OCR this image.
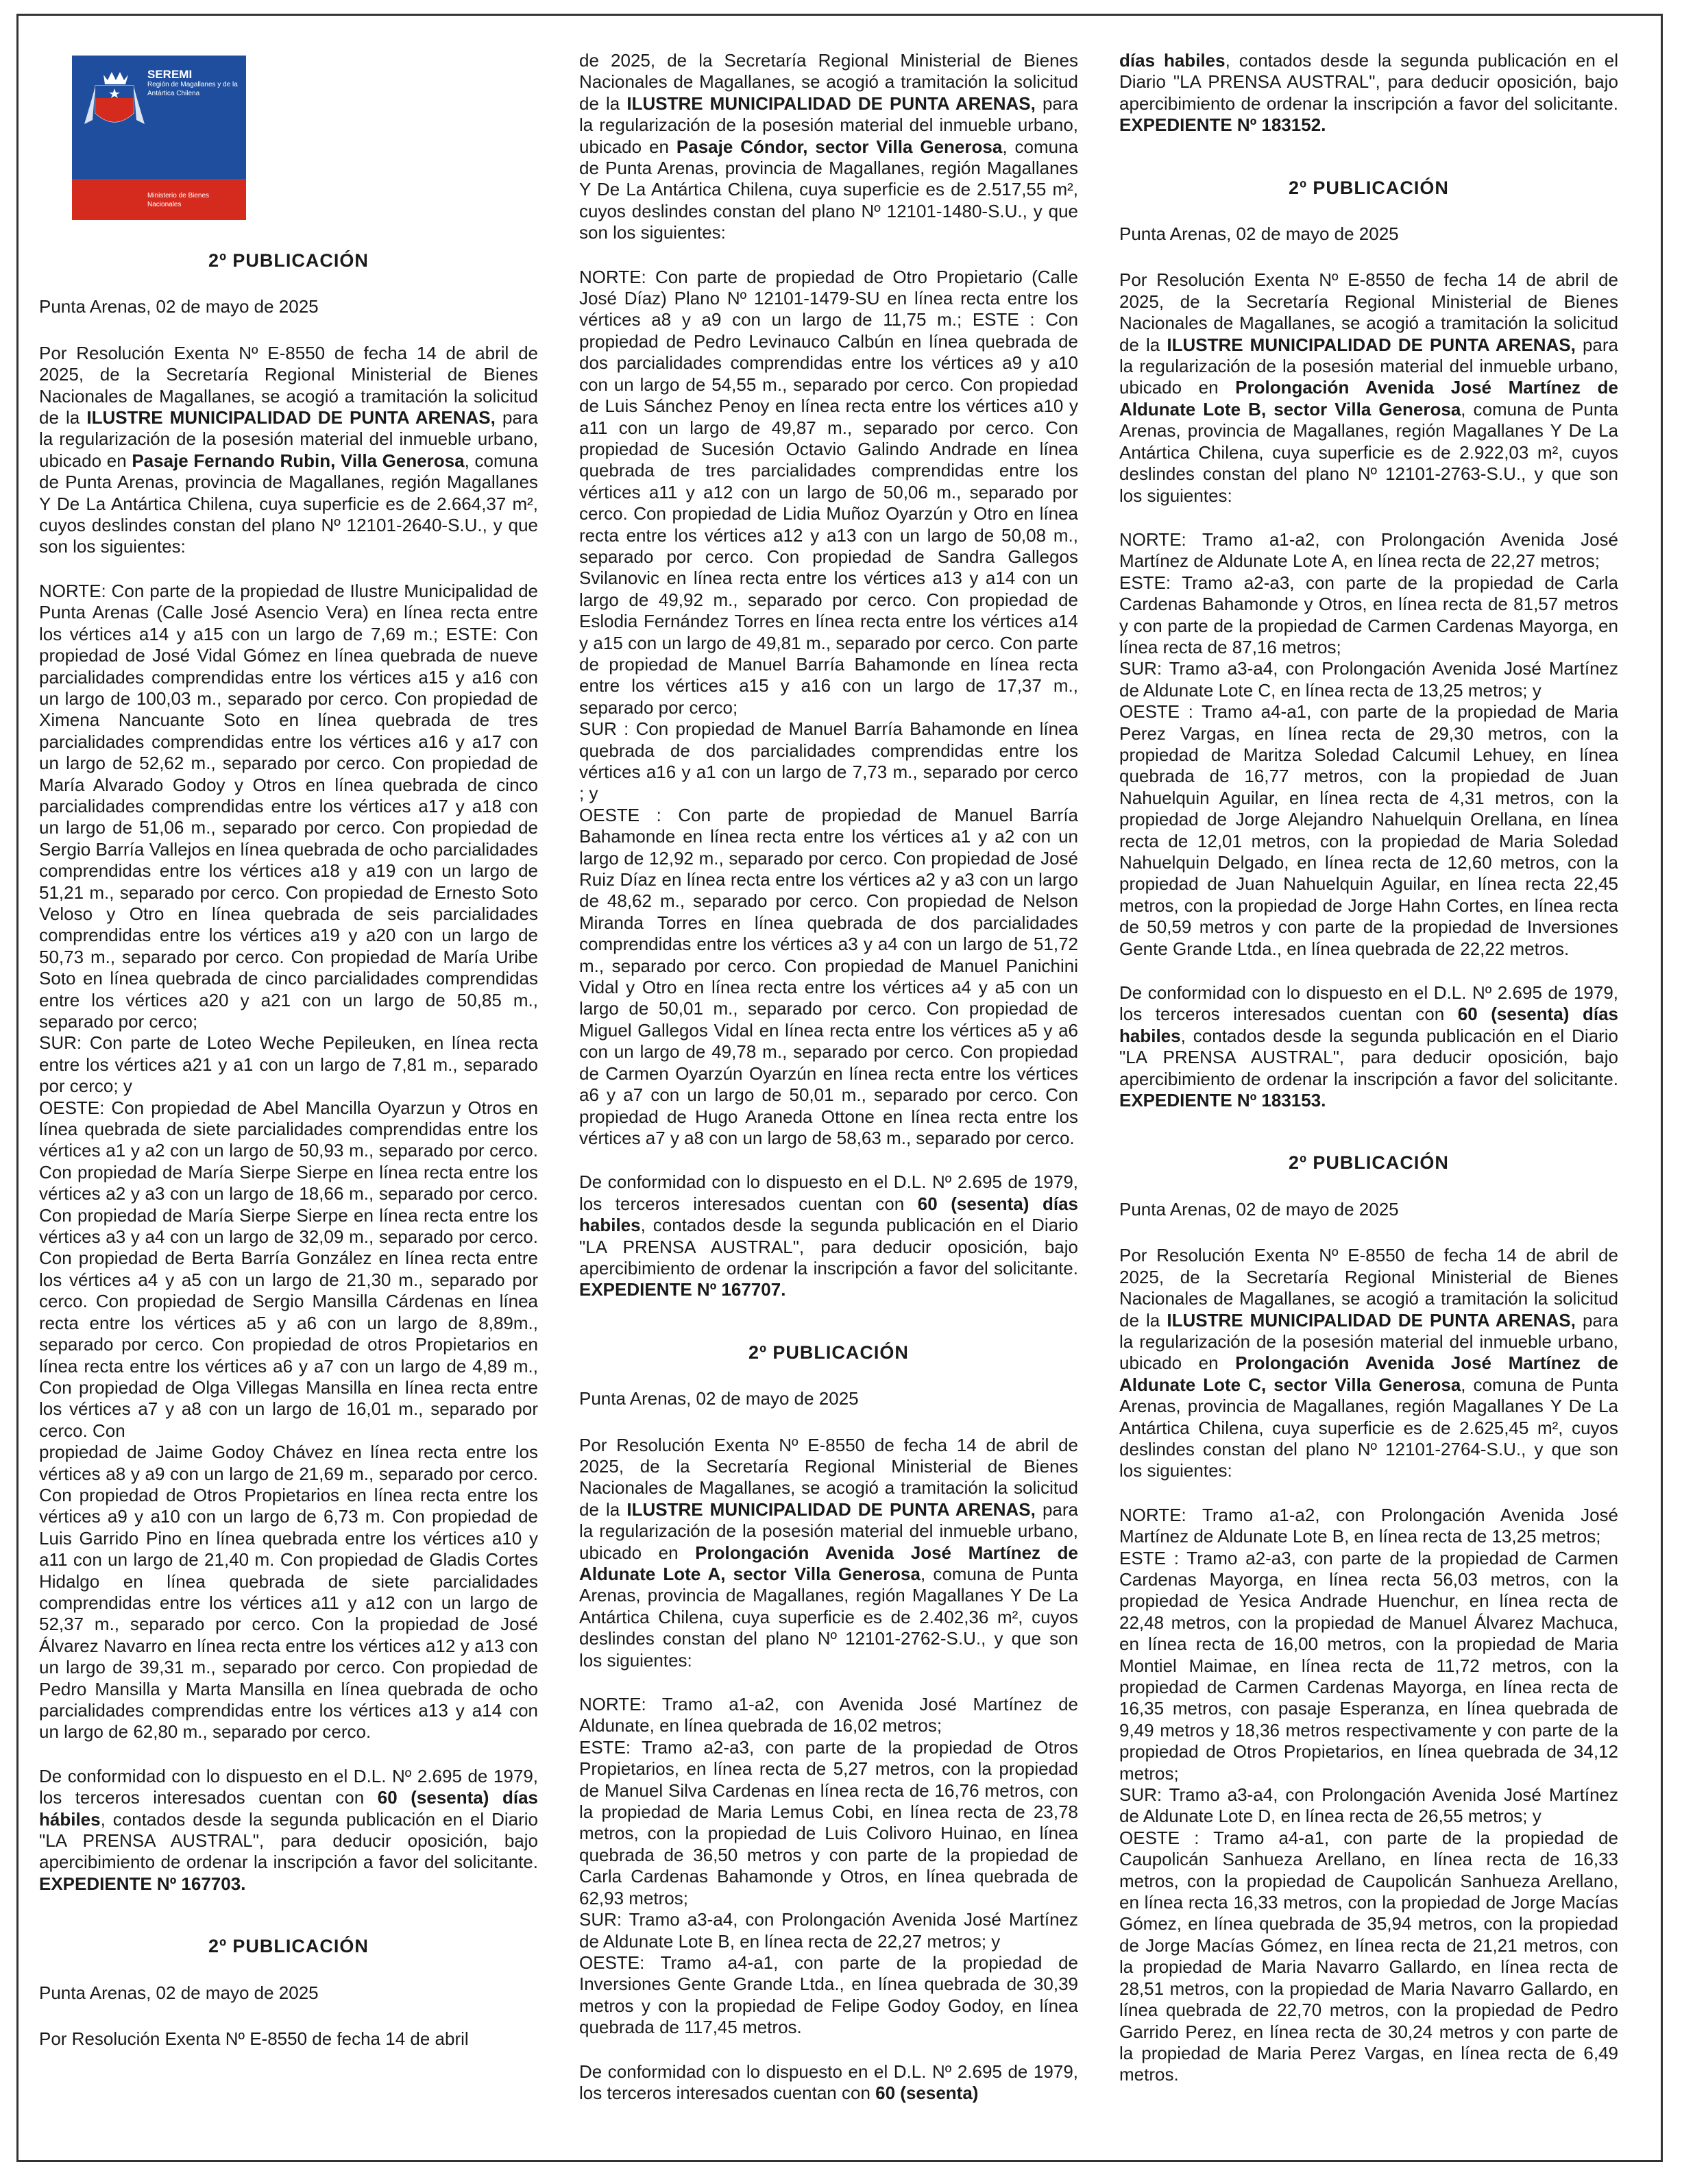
SEREMI
Región de Magallanes y de la Antártica Chilena
Ministerio de Bienes Nacionales
2º PUBLICACIÓN

Punta Arenas, 02 de mayo de 2025

Por Resolución Exenta Nº E-8550 de fecha 14 de abril de 2025, de la Secretaría Regional Ministerial de Bienes Nacionales de Magallanes, se acogió a tramitación la solicitud de la ILUSTRE MUNICIPALIDAD DE PUNTA ARENAS, para la regularización de la posesión material del inmueble urbano, ubicado en Pasaje Fernando Rubin, Villa Generosa, comuna de Punta Arenas, provincia de Magallanes, región Magallanes Y De La Antártica Chilena, cuya superficie es de 2.664,37 m², cuyos deslindes constan del plano Nº 12101-2640-S.U., y que son los siguientes:

NORTE: Con parte de la propiedad de Ilustre Municipalidad de Punta Arenas (Calle José Asencio Vera) en línea recta entre los vértices a14 y a15 con un largo de 7,69 m.; ESTE: Con propiedad de José Vidal Gómez en línea quebrada de nueve parcialidades comprendidas entre los vértices a15 y a16 con un largo de 100,03 m., separado por cerco. Con propiedad de Ximena Nancuante Soto en línea quebrada de tres parcialidades comprendidas entre los vértices a16 y a17 con un largo de 52,62 m., separado por cerco. Con propiedad de María Alvarado Godoy y Otros en línea quebrada de cinco parcialidades comprendidas entre los vértices a17 y a18 con un largo de 51,06 m., separado por cerco. Con propiedad de Sergio Barría Vallejos en línea quebrada de ocho parcialidades comprendidas entre los vértices a18 y a19 con un largo de 51,21 m., separado por cerco. Con propiedad de Ernesto Soto Veloso y Otro en línea quebrada de seis parcialidades comprendidas entre los vértices a19 y a20 con un largo de 50,73 m., separado por cerco. Con propiedad de María Uribe Soto en línea quebrada de cinco parcialidades comprendidas entre los vértices a20 y a21 con un largo de 50,85 m., separado por cerco;

SUR: Con parte de Loteo Weche Pepileuken, en línea recta entre los vértices a21 y a1 con un largo de 7,81 m., separado por cerco; y

OESTE: Con propiedad de Abel Mancilla Oyarzun y Otros en línea quebrada de siete parcialidades comprendidas entre los vértices a1 y a2 con un largo de 50,93 m., separado por cerco. Con propiedad de María Sierpe Sierpe en línea recta entre los vértices a2 y a3 con un largo de 18,66 m., separado por cerco. Con propiedad de María Sierpe Sierpe en línea recta entre los vértices a3 y a4 con un largo de 32,09 m., separado por cerco. Con propiedad de Berta Barría González en línea recta entre los vértices a4 y a5 con un largo de 21,30 m., separado por cerco. Con propiedad de Sergio Mansilla Cárdenas en línea recta entre los vértices a5 y a6 con un largo de 8,89m., separado por cerco. Con propiedad de otros Propietarios en línea recta entre los vértices a6 y a7 con un largo de 4,89 m., Con propiedad de Olga Villegas Mansilla en línea recta entre los vértices a7 y a8 con un largo de 16,01 m., separado por cerco. Con

propiedad de Jaime Godoy Chávez en línea recta entre los vértices a8 y a9 con un largo de 21,69 m., separado por cerco. Con propiedad de Otros Propietarios en línea recta entre los vértices a9 y a10 con un largo de 6,73 m. Con propiedad de Luis Garrido Pino en línea quebrada entre los vértices a10 y a11 con un largo de 21,40 m. Con propiedad de Gladis Cortes Hidalgo en línea quebrada de siete parcialidades comprendidas entre los vértices a11 y a12 con un largo de 52,37 m., separado por cerco. Con la propiedad de José Álvarez Navarro en línea recta entre los vértices a12 y a13 con un largo de 39,31 m., separado por cerco. Con propiedad de Pedro Mansilla y Marta Mansilla en línea quebrada de ocho parcialidades comprendidas entre los vértices a13 y a14 con un largo de 62,80 m., separado por cerco.

De conformidad con lo dispuesto en el D.L. Nº 2.695 de 1979, los terceros interesados cuentan con 60 (sesenta) días hábiles, contados desde la segunda publicación en el Diario "LA PRENSA AUSTRAL", para deducir oposición, bajo apercibimiento de ordenar la inscripción a favor del solicitante. EXPEDIENTE Nº 167703.

2º PUBLICACIÓN

Punta Arenas, 02 de mayo de 2025

Por Resolución Exenta Nº E-8550 de fecha 14 de abril

de 2025, de la Secretaría Regional Ministerial de Bienes Nacionales de Magallanes, se acogió a tramitación la solicitud de la ILUSTRE MUNICIPALIDAD DE PUNTA ARENAS, para la regularización de la posesión material del inmueble urbano, ubicado en Pasaje Cóndor, sector Villa Generosa, comuna de Punta Arenas, provincia de Magallanes, región Magallanes Y De La Antártica Chilena, cuya superficie es de 2.517,55 m², cuyos deslindes constan del plano Nº 12101-1480-S.U., y que son los siguientes:

NORTE: Con parte de propiedad de Otro Propietario (Calle José Díaz) Plano Nº 12101-1479-SU en línea recta entre los vértices a8 y a9 con un largo de 11,75 m.; ESTE : Con propiedad de Pedro Levinauco Calbún en línea quebrada de dos parcialidades comprendidas entre los vértices a9 y a10 con un largo de 54,55 m., separado por cerco. Con propiedad de Luis Sánchez Penoy en línea recta entre los vértices a10 y a11 con un largo de 49,87 m., separado por cerco. Con propiedad de Sucesión Octavio Galindo Andrade en línea quebrada de tres parcialidades comprendidas entre los vértices a11 y a12 con un largo de 50,06 m., separado por cerco. Con propiedad de Lidia Muñoz Oyarzún y Otro en línea recta entre los vértices a12 y a13 con un largo de 50,08 m., separado por cerco. Con propiedad de Sandra Gallegos Svilanovic en línea recta entre los vértices a13 y a14 con un largo de 49,92 m., separado por cerco. Con propiedad de Eslodia Fernández Torres en línea recta entre los vértices a14 y a15 con un largo de 49,81 m., separado por cerco. Con parte de propiedad de Manuel Barría Bahamonde en línea recta entre los vértices a15 y a16 con un largo de 17,37 m., separado por cerco;

SUR : Con propiedad de Manuel Barría Bahamonde en línea quebrada de dos parcialidades comprendidas entre los vértices a16 y a1 con un largo de 7,73 m., separado por cerco ; y

OESTE : Con parte de propiedad de Manuel Barría Bahamonde en línea recta entre los vértices a1 y a2 con un largo de 12,92 m., separado por cerco. Con propiedad de José Ruiz Díaz en línea recta entre los vértices a2 y a3 con un largo de 48,62 m., separado por cerco. Con propiedad de Nelson Miranda Torres en línea quebrada de dos parcialidades comprendidas entre los vértices a3 y a4 con un largo de 51,72 m., separado por cerco. Con propiedad de Manuel Panichini Vidal y Otro en línea recta entre los vértices a4 y a5 con un largo de 50,01 m., separado por cerco. Con propiedad de Miguel Gallegos Vidal en línea recta entre los vértices a5 y a6 con un largo de 49,78 m., separado por cerco. Con propiedad de Carmen Oyarzún Oyarzún en línea recta entre los vértices a6 y a7 con un largo de 50,01 m., separado por cerco. Con propiedad de Hugo Araneda Ottone en línea recta entre los vértices a7 y a8 con un largo de 58,63 m., separado por cerco.

De conformidad con lo dispuesto en el D.L. Nº 2.695 de 1979, los terceros interesados cuentan con 60 (sesenta) días habiles, contados desde la segunda publicación en el Diario "LA PRENSA AUSTRAL", para deducir oposición, bajo apercibimiento de ordenar la inscripción a favor del solicitante. EXPEDIENTE Nº 167707.

2º PUBLICACIÓN

Punta Arenas, 02 de mayo de 2025

Por Resolución Exenta Nº E-8550 de fecha 14 de abril de 2025, de la Secretaría Regional Ministerial de Bienes Nacionales de Magallanes, se acogió a tramitación la solicitud de la ILUSTRE MUNICIPALIDAD DE PUNTA ARENAS, para la regularización de la posesión material del inmueble urbano, ubicado en Prolongación Avenida José Martínez de Aldunate Lote A, sector Villa Generosa, comuna de Punta Arenas, provincia de Magallanes, región Magallanes Y De La Antártica Chilena, cuya superficie es de 2.402,36 m², cuyos deslindes constan del plano Nº 12101-2762-S.U., y que son los siguientes:

NORTE: Tramo a1-a2, con Avenida José Martínez de Aldunate, en línea quebrada de 16,02 metros;

ESTE: Tramo a2-a3, con parte de la propiedad de Otros Propietarios, en línea recta de 5,27 metros, con la propiedad de Manuel Silva Cardenas en línea recta de 16,76 metros, con la propiedad de Maria Lemus Cobi, en línea recta de 23,78 metros, con la propiedad de Luis Colivoro Huinao, en línea quebrada de 36,50 metros y con parte de la propiedad de Carla Cardenas Bahamonde y Otros, en línea quebrada de 62,93 metros;

SUR: Tramo a3-a4, con Prolongación Avenida José Martínez de Aldunate Lote B, en línea recta de 22,27 metros; y

OESTE: Tramo a4-a1, con parte de la propiedad de Inversiones Gente Grande Ltda., en línea quebrada de 30,39 metros y con la propiedad de Felipe Godoy Godoy, en línea quebrada de 117,45 metros.

De conformidad con lo dispuesto en el D.L. Nº 2.695 de 1979, los terceros interesados cuentan con 60 (sesenta)

días habiles, contados desde la segunda publicación en el Diario "LA PRENSA AUSTRAL", para deducir oposición, bajo apercibimiento de ordenar la inscripción a favor del solicitante. EXPEDIENTE Nº 183152.

2º PUBLICACIÓN

Punta Arenas, 02 de mayo de 2025

Por Resolución Exenta Nº E-8550 de fecha 14 de abril de 2025, de la Secretaría Regional Ministerial de Bienes Nacionales de Magallanes, se acogió a tramitación la solicitud de la ILUSTRE MUNICIPALIDAD DE PUNTA ARENAS, para la regularización de la posesión material del inmueble urbano, ubicado en Prolongación Avenida José Martínez de Aldunate Lote B, sector Villa Generosa, comuna de Punta Arenas, provincia de Magallanes, región Magallanes Y De La Antártica Chilena, cuya superficie es de 2.922,03 m², cuyos deslindes constan del plano Nº 12101-2763-S.U., y que son los siguientes:

NORTE: Tramo a1-a2, con Prolongación Avenida José Martínez de Aldunate Lote A, en línea recta de 22,27 metros;

ESTE: Tramo a2-a3, con parte de la propiedad de Carla Cardenas Bahamonde y Otros, en línea recta de 81,57 metros y con parte de la propiedad de Carmen Cardenas Mayorga, en línea recta de 87,16 metros;

SUR: Tramo a3-a4, con Prolongación Avenida José Martínez de Aldunate Lote C, en línea recta de 13,25 metros; y

OESTE : Tramo a4-a1, con parte de la propiedad de Maria Perez Vargas, en línea recta de 29,30 metros, con la propiedad de Maritza Soledad Calcumil Lehuey, en línea quebrada de 16,77 metros, con la propiedad de Juan Nahuelquin Aguilar, en línea recta de 4,31 metros, con la propiedad de Jorge Alejandro Nahuelquin Orellana, en línea recta de 12,01 metros, con la propiedad de Maria Soledad Nahuelquin Delgado, en línea recta de 12,60 metros, con la propiedad de Juan Nahuelquin Aguilar, en línea recta 22,45 metros, con la propiedad de Jorge Hahn Cortes, en línea recta de 50,59 metros y con parte de la propiedad de Inversiones Gente Grande Ltda., en línea quebrada de 22,22 metros.

De conformidad con lo dispuesto en el D.L. Nº 2.695 de 1979, los terceros interesados cuentan con 60 (sesenta) días habiles, contados desde la segunda publicación en el Diario "LA PRENSA AUSTRAL", para deducir oposición, bajo apercibimiento de ordenar la inscripción a favor del solicitante. EXPEDIENTE Nº 183153.

2º PUBLICACIÓN

Punta Arenas, 02 de mayo de 2025

Por Resolución Exenta Nº E-8550 de fecha 14 de abril de 2025, de la Secretaría Regional Ministerial de Bienes Nacionales de Magallanes, se acogió a tramitación la solicitud de la ILUSTRE MUNICIPALIDAD DE PUNTA ARENAS, para la regularización de la posesión material del inmueble urbano, ubicado en Prolongación Avenida José Martínez de Aldunate Lote C, sector Villa Generosa, comuna de Punta Arenas, provincia de Magallanes, región Magallanes Y De La Antártica Chilena, cuya superficie es de 2.625,45 m², cuyos deslindes constan del plano Nº 12101-2764-S.U., y que son los siguientes:

NORTE: Tramo a1-a2, con Prolongación Avenida José Martínez de Aldunate Lote B, en línea recta de 13,25 metros;

ESTE : Tramo a2-a3, con parte de la propiedad de Carmen Cardenas Mayorga, en línea recta 56,03 metros, con la propiedad de Yesica Andrade Huenchur, en línea recta de 22,48 metros, con la propiedad de Manuel Álvarez Machuca, en línea recta de 16,00 metros, con la propiedad de Maria Montiel Maimae, en línea recta de 11,72 metros, con la propiedad de Carmen Cardenas Mayorga, en línea recta de 16,35 metros, con pasaje Esperanza, en línea quebrada de 9,49 metros y 18,36 metros respectivamente y con parte de la propiedad de Otros Propietarios, en línea quebrada de 34,12 metros;

SUR: Tramo a3-a4, con Prolongación Avenida José Martínez de Aldunate Lote D, en línea recta de 26,55 metros; y

OESTE : Tramo a4-a1, con parte de la propiedad de Caupolicán Sanhueza Arellano, en línea recta de 16,33 metros, con la propiedad de Caupolicán Sanhueza Arellano, en línea recta 16,33 metros, con la propiedad de Jorge Macías Gómez, en línea quebrada de 35,94 metros, con la propiedad de Jorge Macías Gómez, en línea recta de 21,21 metros, con la propiedad de Maria Navarro Gallardo, en línea recta de 28,51 metros, con la propiedad de Maria Navarro Gallardo, en línea quebrada de 22,70 metros, con la propiedad de Pedro Garrido Perez, en línea recta de 30,24 metros y con parte de la propiedad de Maria Perez Vargas, en línea recta de 6,49 metros.
